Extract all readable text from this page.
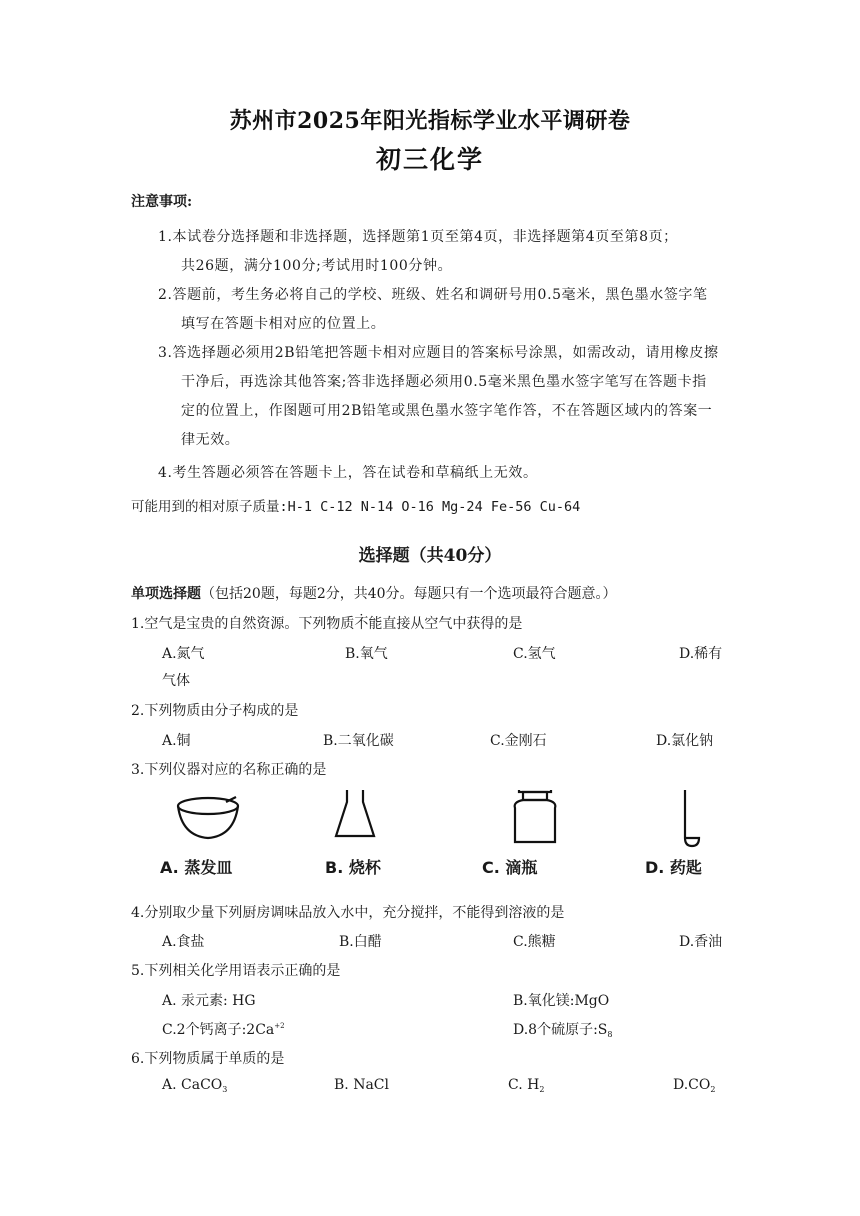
苏州市2025年阳光指标学业水平调研卷
初三化学
注意事项:
1.本试卷分选择题和非选择题，选择题第1页至第4页，非选择题第4页至第8页；
共26题，满分100分;考试用时100分钟。
2.答题前，考生务必将自己的学校、班级、姓名和调研号用0.5毫米，黑色墨水签字笔
填写在答题卡相对应的位置上。
3.答选择题必须用2B铅笔把答题卡相对应题目的答案标号涂黑，如需改动，请用橡皮擦
干净后，再选涂其他答案;答非选择题必须用0.5毫米黑色墨水签字笔写在答题卡指
定的位置上，作图题可用2B铅笔或黑色墨水签字笔作答，不在答题区域内的答案一
律无效。
4.考生答题必须答在答题卡上，答在试卷和草稿纸上无效。
可能用到的相对原子质量:H-1 C-12 N-14 O-16 Mg-24 Fe-56 Cu-64
选择题（共40分）
单项选择题（包括20题，每题2分，共40分。每题只有一个选项最符合题意。）
1.空气是宝贵的自然资源。下列物质不能直接从空气中获得的是
A.氮气	B.氧气	C.氢气	D.稀有
气体
2.下列物质由分子构成的是
A.铜	B.二氧化碳	C.金刚石	D.氯化钠
3.下列仪器对应的名称正确的是
A. 蒸发皿	B. 烧杯	C. 滴瓶	D. 药匙
4.分别取少量下列厨房调味品放入水中，充分搅拌，不能得到溶液的是
A.食盐	B.白醋	C.熊糖	D.香油
5.下列相关化学用语表示正确的是
A. 汞元素: HG	B.氧化镁:MgO
C.2个钙离子$:2Ca^{+2}$	D.8个硫原子$:S_8$
6.下列物质属于单质的是
A. CaCO$_3$	B. NaCl	C. $H_2$	$D.CO_2$
